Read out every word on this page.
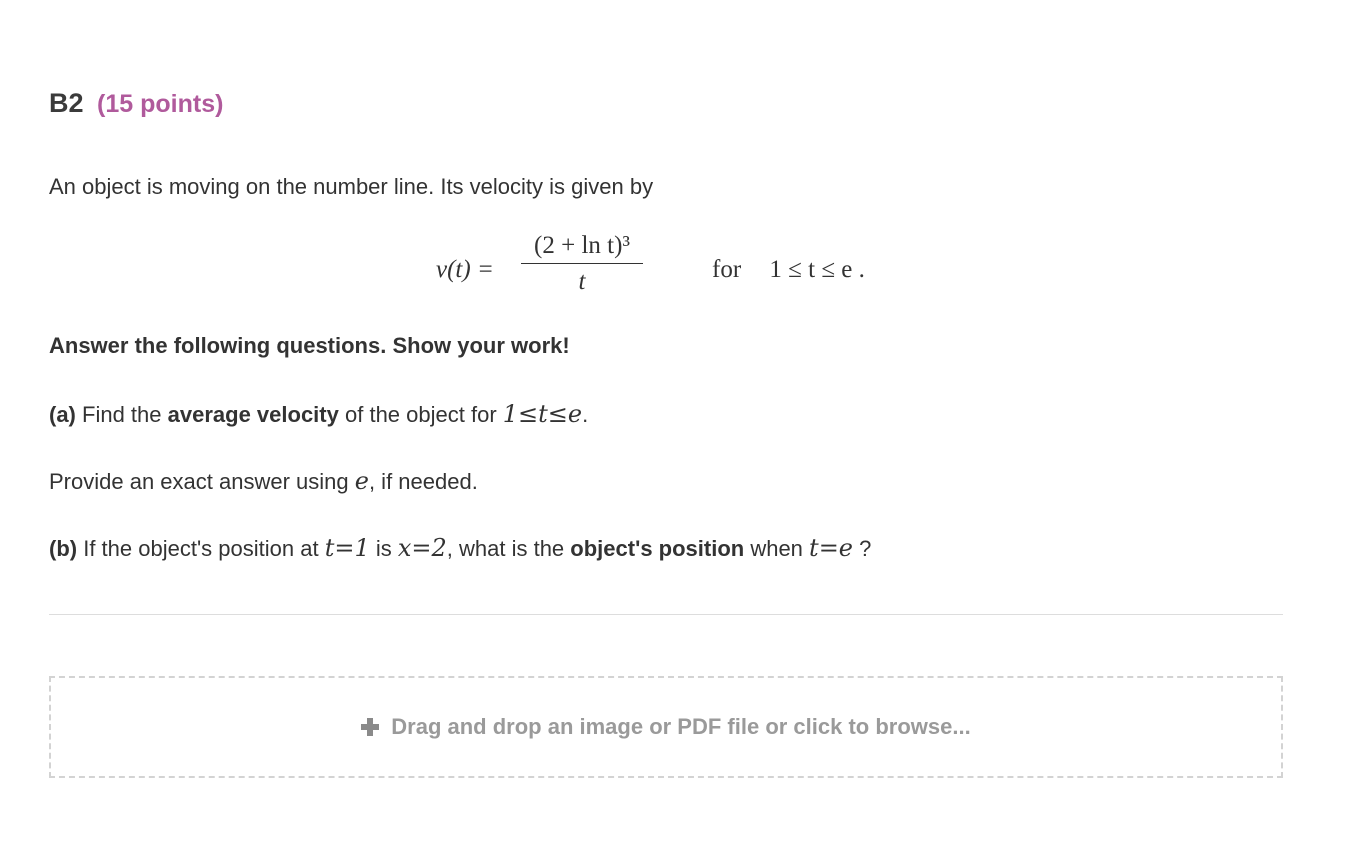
B2 (15 points)
An object is moving on the number line. Its velocity is given by
v(t) =
(2 + ln t)³
t	for 1 ≤ t ≤ e .
Answer the following questions. Show your work!
(a) Find the average velocity of the object for 1≤t≤e.
Provide an exact answer using e, if needed.
(b) If the object's position at t=1 is x=2, what is the object's position when t=e ?
Drag and drop an image or PDF file or click to browse...
